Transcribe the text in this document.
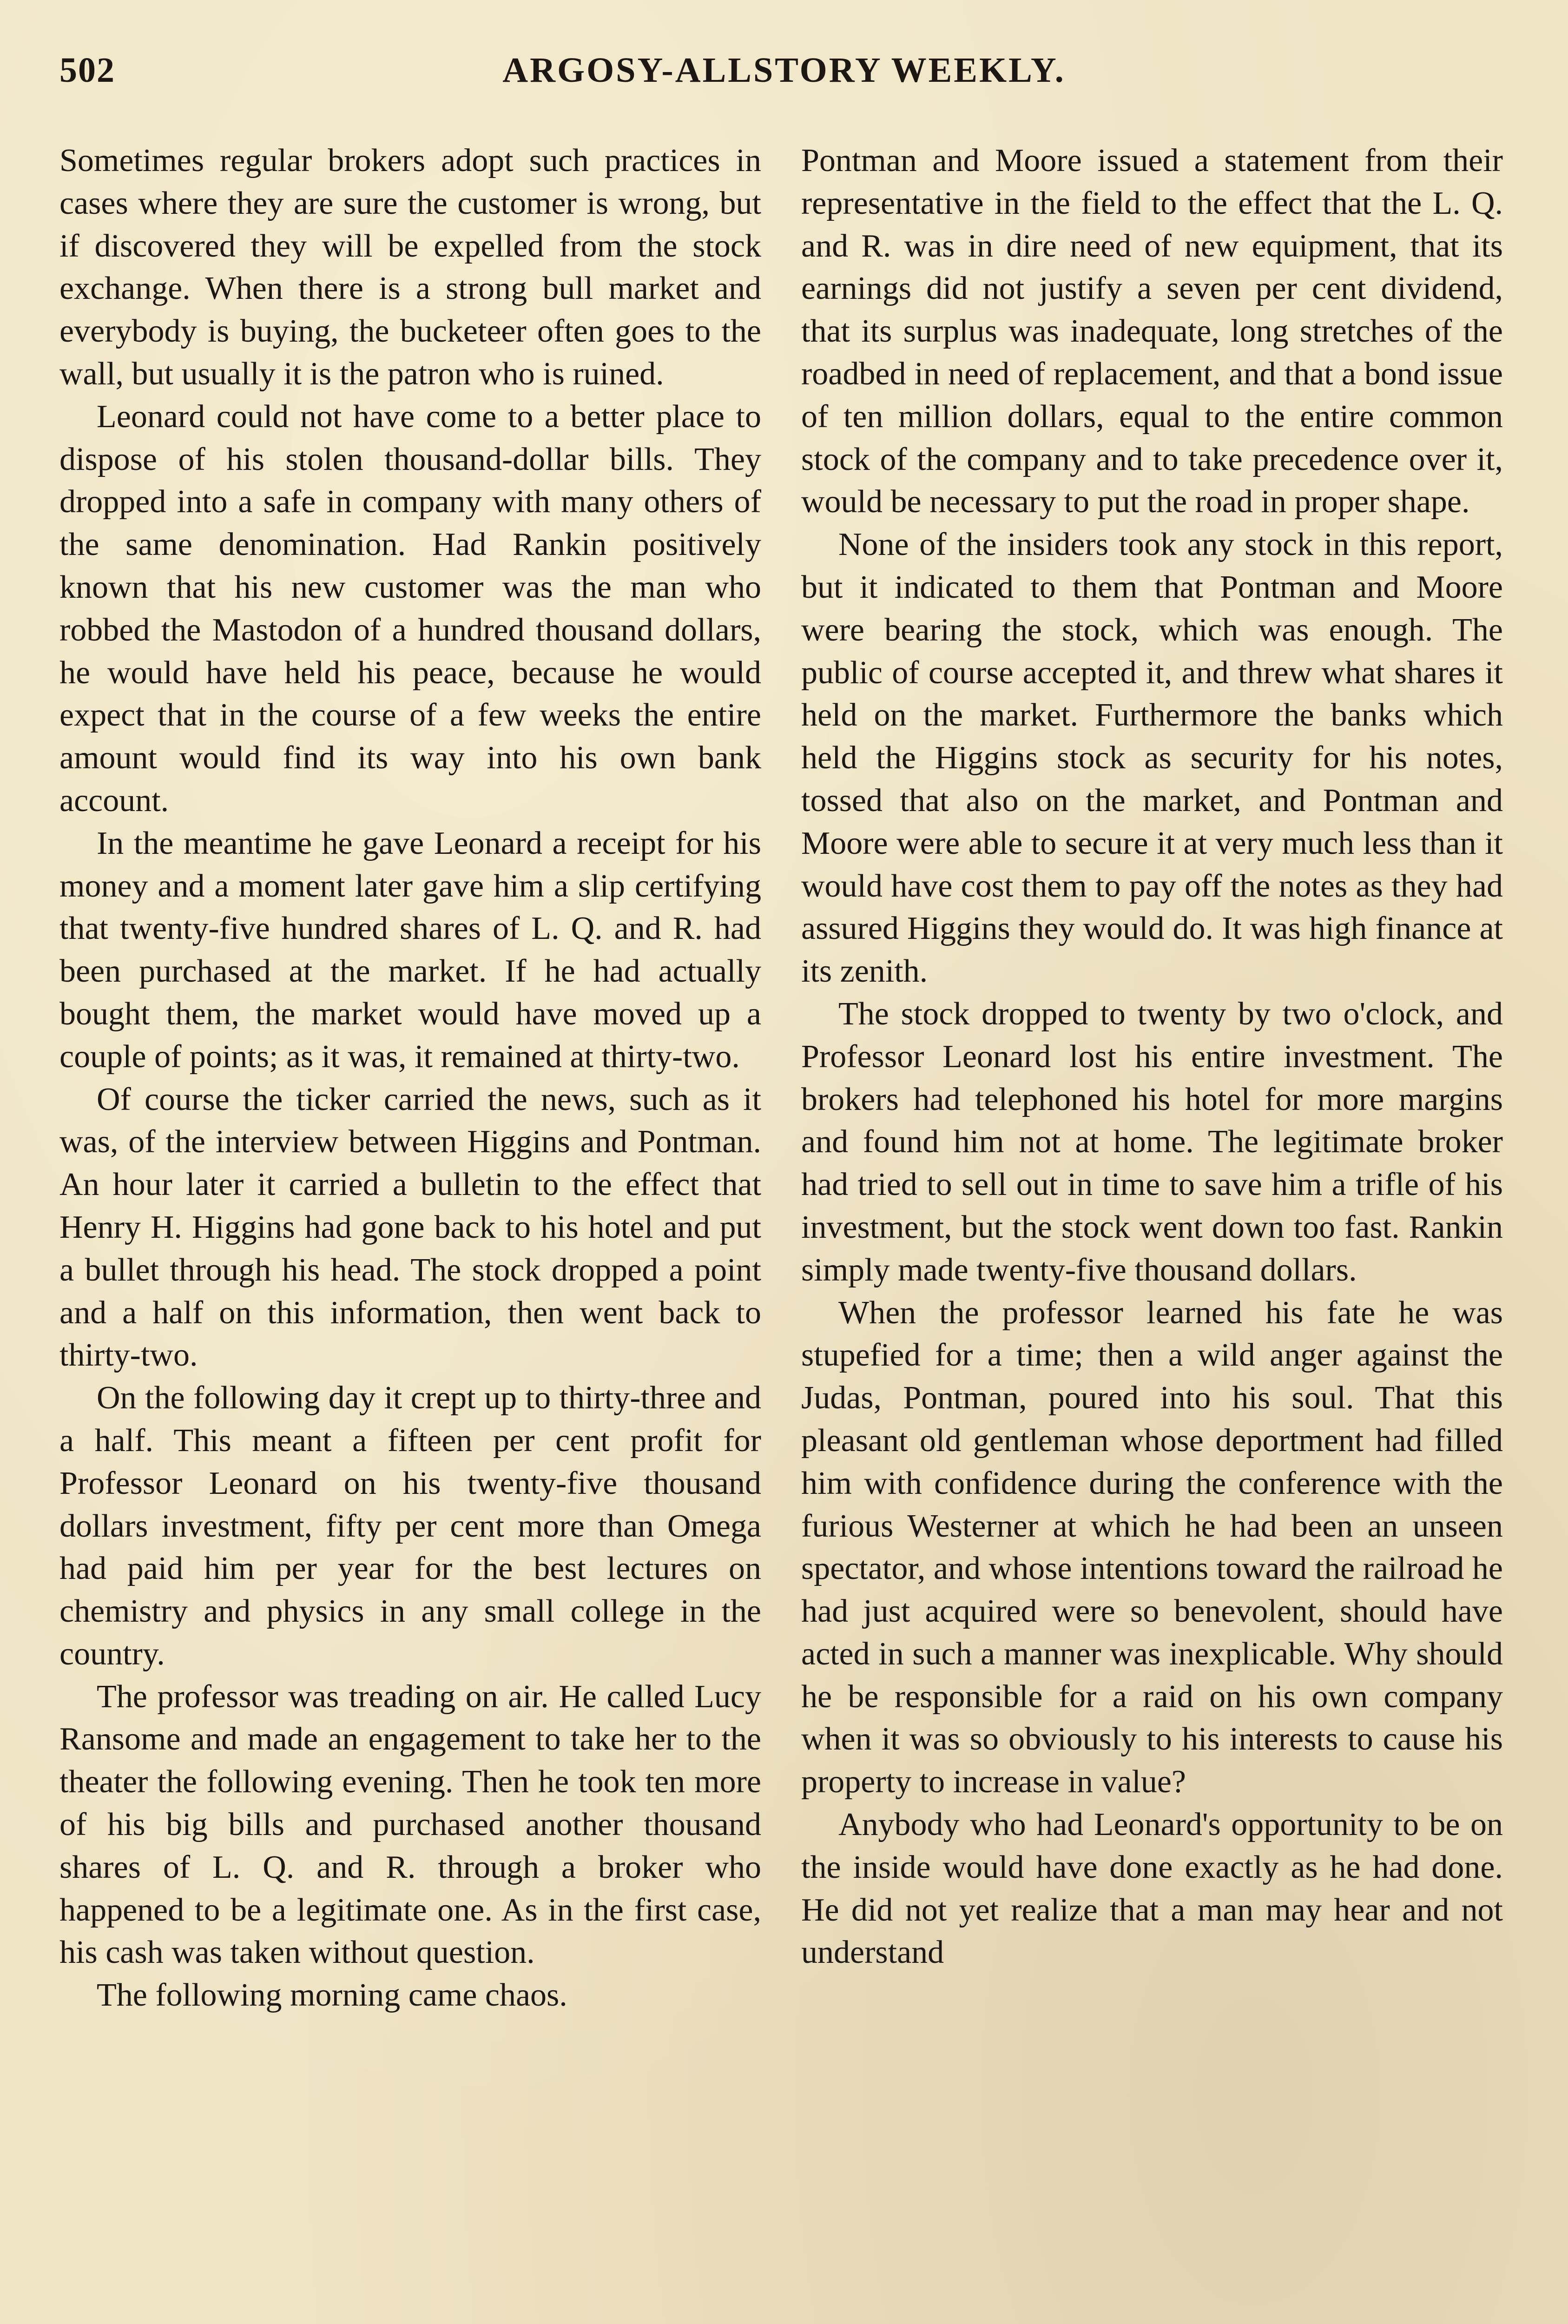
ARGOSY-ALLSTORY WEEKLY.
502

Sometimes regular brokers adopt such practices in cases where they are sure the customer is wrong, but if discovered they will be expelled from the stock exchange. When there is a strong bull market and everybody is buying, the bucketeer often goes to the wall, but usually it is the patron who is ruined.

Leonard could not have come to a better place to dispose of his stolen thousand-dollar bills. They dropped into a safe in company with many others of the same denomination. Had Rankin positively known that his new customer was the man who robbed the Mastodon of a hundred thousand dollars, he would have held his peace, because he would expect that in the course of a few weeks the entire amount would find its way into his own bank account.

In the meantime he gave Leonard a receipt for his money and a moment later gave him a slip certifying that twenty-five hundred shares of L. Q. and R. had been purchased at the market. If he had actually bought them, the market would have moved up a couple of points; as it was, it remained at thirty-two.

Of course the ticker carried the news, such as it was, of the interview between Higgins and Pontman. An hour later it carried a bulletin to the effect that Henry H. Higgins had gone back to his hotel and put a bullet through his head. The stock dropped a point and a half on this information, then went back to thirty-two.

On the following day it crept up to thirty-three and a half. This meant a fifteen per cent profit for Professor Leonard on his twenty-five thousand dollars investment, fifty per cent more than Omega had paid him per year for the best lectures on chemistry and physics in any small college in the country.

The professor was treading on air. He called Lucy Ransome and made an engagement to take her to the theater the following evening. Then he took ten more of his big bills and purchased another thousand shares of L. Q. and R. through a broker who happened to be a legitimate one. As in the first case, his cash was taken without question.

The following morning came chaos.

Pontman and Moore issued a statement from their representative in the field to the effect that the L. Q. and R. was in dire need of new equipment, that its earnings did not justify a seven per cent dividend, that its surplus was inadequate, long stretches of the roadbed in need of replacement, and that a bond issue of ten million dollars, equal to the entire common stock of the company and to take precedence over it, would be necessary to put the road in proper shape.

None of the insiders took any stock in this report, but it indicated to them that Pontman and Moore were bearing the stock, which was enough. The public of course accepted it, and threw what shares it held on the market. Furthermore the banks which held the Higgins stock as security for his notes, tossed that also on the market, and Pontman and Moore were able to secure it at very much less than it would have cost them to pay off the notes as they had assured Higgins they would do. It was high finance at its zenith.

The stock dropped to twenty by two o'clock, and Professor Leonard lost his entire investment. The brokers had telephoned his hotel for more margins and found him not at home. The legitimate broker had tried to sell out in time to save him a trifle of his investment, but the stock went down too fast. Rankin simply made twenty-five thousand dollars.

When the professor learned his fate he was stupefied for a time; then a wild anger against the Judas, Pontman, poured into his soul. That this pleasant old gentleman whose deportment had filled him with confidence during the conference with the furious Westerner at which he had been an unseen spectator, and whose intentions toward the railroad he had just acquired were so benevolent, should have acted in such a manner was inexplicable. Why should he be responsible for a raid on his own company when it was so obviously to his interests to cause his property to increase in value?

Anybody who had Leonard's opportunity to be on the inside would have done exactly as he had done. He did not yet realize that a man may hear and not understand
